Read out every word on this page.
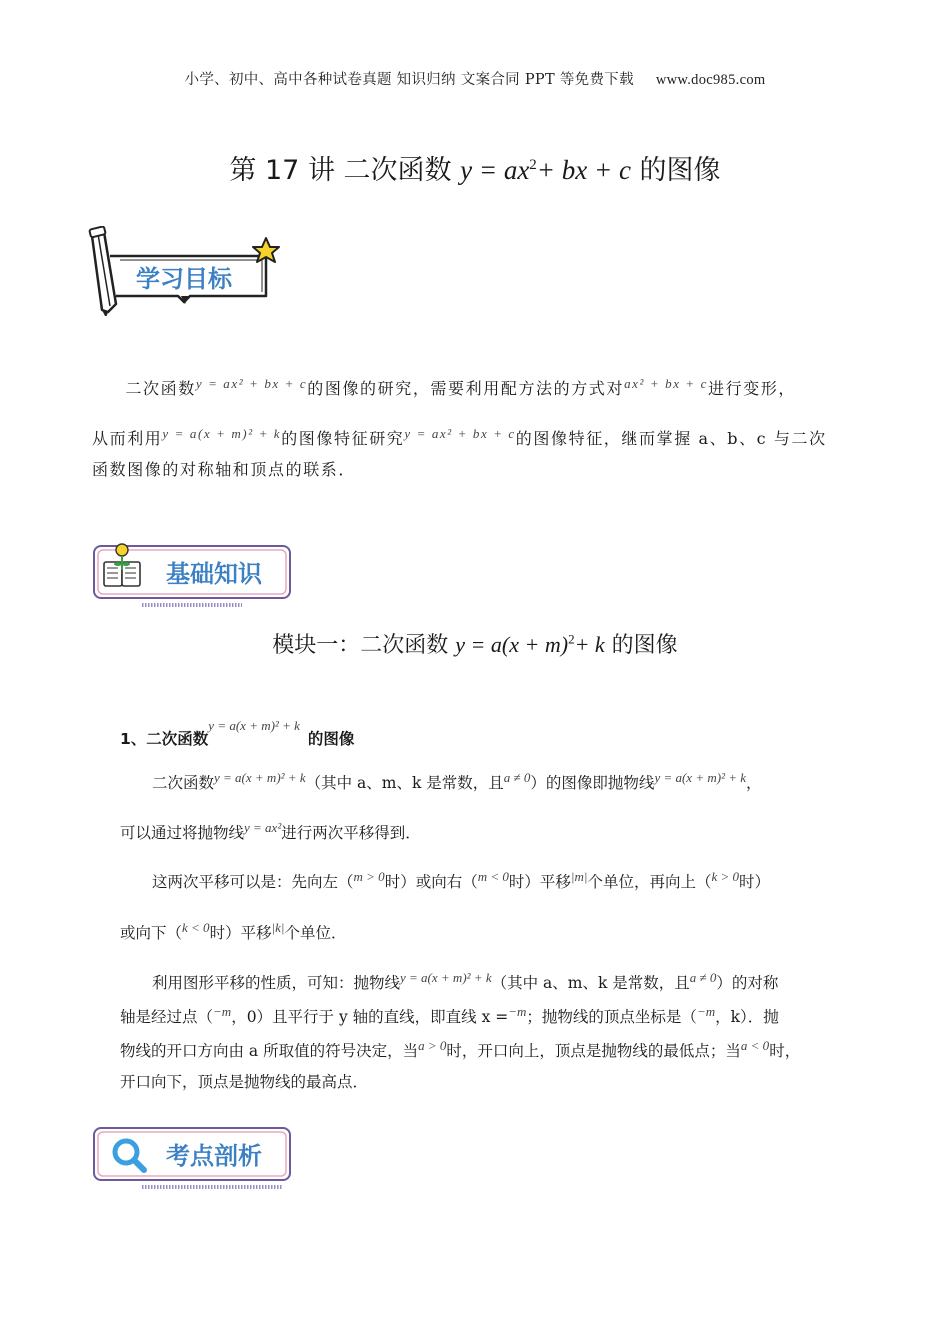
小学、初中、高中各种试卷真题 知识归纳 文案合同 PPT 等免费下载 www.doc985.com
第 17 讲 二次函数 $y = ax^2+$ bx + c 的图像
学习目标
二次函数$^{y = ax^2 + bx + c}$的图像的研究，需要利用配方法的方式对$^{ax^2 + bx + c}$进行变形，
从而利用$^{y = a(x + m)^2 + k}$的图像特征研究$^{y = ax^2 + bx + c}$的图像特征，继而掌握 a、b、c 与二次
函数图像的对称轴和顶点的联系．
基础知识
模块一：二次函数 $y = a(x + m)^2+ k$ 的图像
1、二次函数$^{y = a(x + m)^2 + k}$的图像
二次函数$^{y = a(x + m)^2 + k}$（其中 a、m、k 是常数，且$^{a \ne 0}$）的图像即抛物线$^{y = a(x + m)^2 + k}$，
可以通过将抛物线$^{y = ax^2}$进行两次平移得到．
这两次平移可以是：先向左（$^{m > 0}$时）或向右（$^{m < 0}$时）平移$^{|m|}$个单位，再向上（$^{k > 0}$时）
或向下（$^{k < 0}$时）平移$^{|k|}$个单位．
利用图形平移的性质，可知：抛物线$^{y = a(x + m)^2 + k}$（其中 a、m、k 是常数，且$^{a \ne 0}$）的对称
轴是经过点（$^{-m}$，0）且平行于 y 轴的直线，即直线 x =$^{-m}$；抛物线的顶点坐标是（$^{-m}$，k）．抛
物线的开口方向由 a 所取值的符号决定，当$^{a > 0}$时，开口向上，顶点是抛物线的最低点；当$^{a < 0}$时，
开口向下，顶点是抛物线的最高点．
考点剖析
